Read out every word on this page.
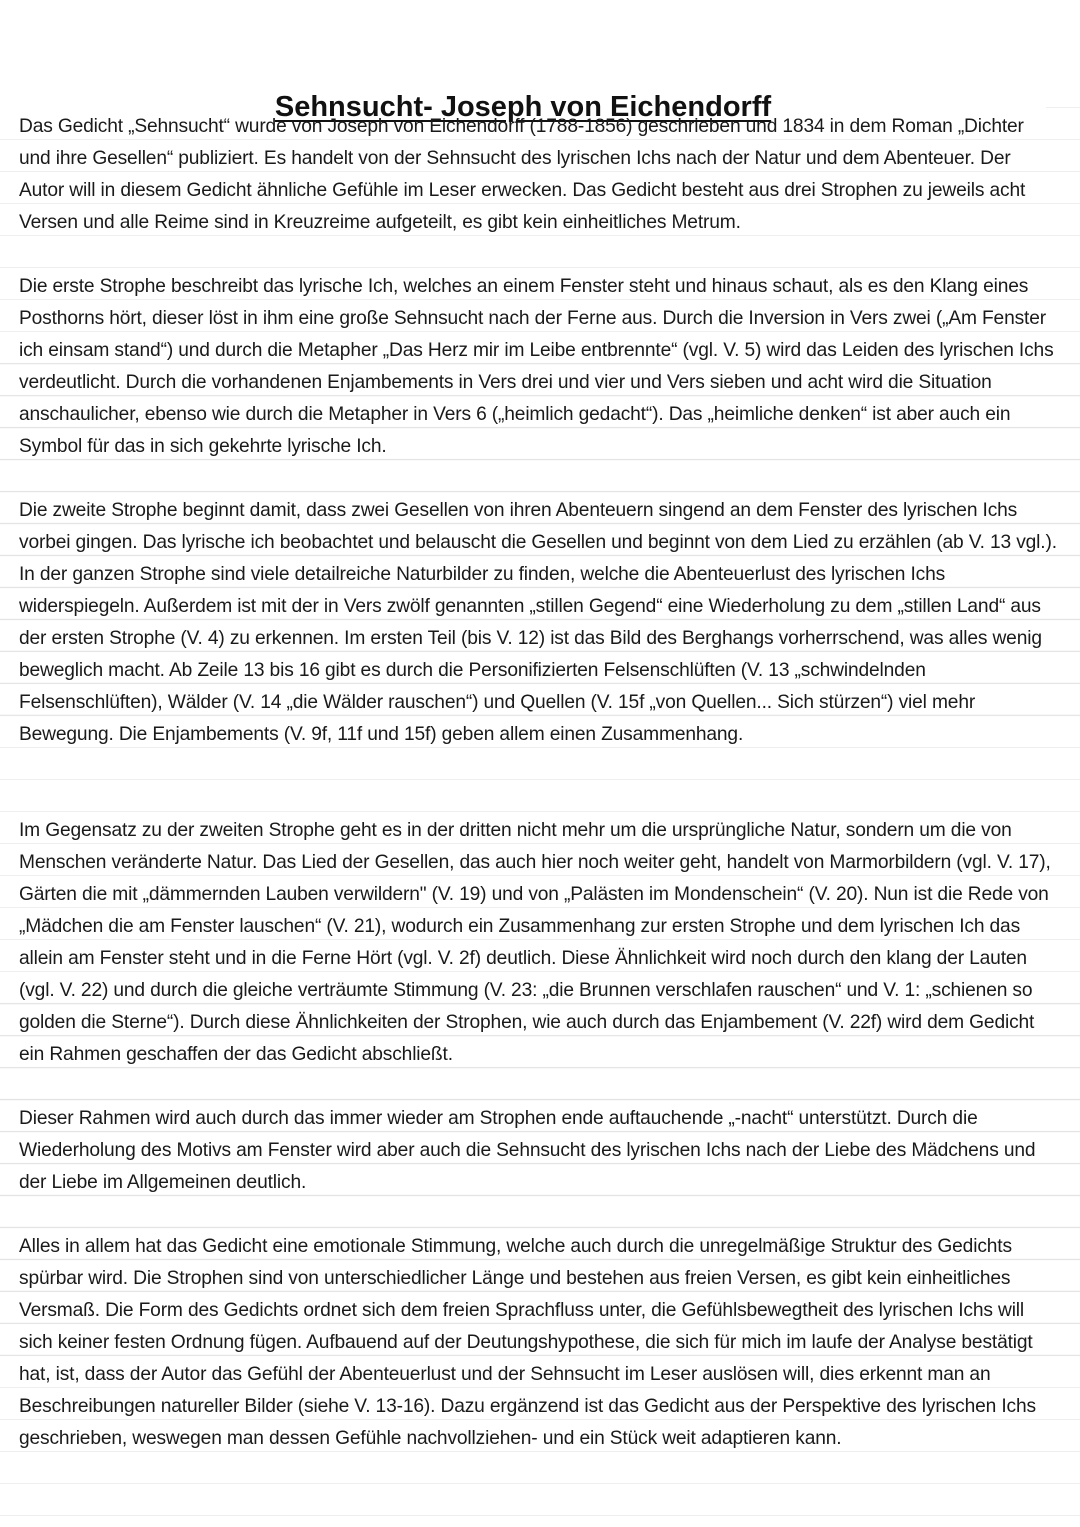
Sehnsucht- Joseph von Eichendorff

Das Gedicht „Sehnsucht“ wurde von Joseph von Eichendorff (1788-1856) geschrieben und 1834 in dem Roman „Dichter und ihre Gesellen“ publiziert. Es handelt von der Sehnsucht des lyrischen Ichs nach der Natur und dem Abenteuer. Der Autor will in diesem Gedicht ähnliche Gefühle im Leser erwecken. Das Gedicht besteht aus drei Strophen zu jeweils acht Versen und alle Reime sind in Kreuzreime aufgeteilt, es gibt kein einheitliches Metrum.

Die erste Strophe beschreibt das lyrische Ich, welches an einem Fenster steht und hinaus schaut, als es den Klang eines Posthorns hört, dieser löst in ihm eine große Sehnsucht nach der Ferne aus. Durch die Inversion in Vers zwei („Am Fenster ich einsam stand“) und durch die Metapher „Das Herz mir im Leibe entbrennte“ (vgl. V. 5) wird das Leiden des lyrischen Ichs verdeutlicht. Durch die vorhandenen Enjambements in Vers drei und vier und Vers sieben und acht wird die Situation anschaulicher, ebenso wie durch die Metapher in Vers 6 („heimlich gedacht“). Das „heimliche denken“ ist aber auch ein Symbol für das in sich gekehrte lyrische Ich.

Die zweite Strophe beginnt damit, dass zwei Gesellen von ihren Abenteuern singend an dem Fenster des lyrischen Ichs vorbei gingen. Das lyrische ich beobachtet und belauscht die Gesellen und beginnt von dem Lied zu erzählen (ab V. 13 vgl.). In der ganzen Strophe sind viele detailreiche Naturbilder zu finden, welche die Abenteuerlust des lyrischen Ichs widerspiegeln. Außerdem ist mit der in Vers zwölf genannten „stillen Gegend“ eine Wiederholung zu dem „stillen Land“ aus der ersten Strophe (V. 4) zu erkennen. Im ersten Teil (bis V. 12) ist das Bild des Berghangs vorherrschend, was alles wenig beweglich macht. Ab Zeile 13 bis 16 gibt es durch die Personifizierten Felsenschlüften (V. 13 „schwindelnden Felsenschlüften), Wälder (V. 14 „die Wälder rauschen“) und Quellen (V. 15f „von Quellen... Sich stürzen“) viel mehr Bewegung. Die Enjambements (V. 9f, 11f und 15f) geben allem einen Zusammenhang.

Im Gegensatz zu der zweiten Strophe geht es in der dritten nicht mehr um die ursprüngliche Natur, sondern um die von Menschen veränderte Natur. Das Lied der Gesellen, das auch hier noch weiter geht, handelt von Marmorbildern (vgl. V. 17), Gärten die mit „dämmernden Lauben verwildern" (V. 19) und von „Palästen im Mondenschein“ (V. 20). Nun ist die Rede von „Mädchen die am Fenster lauschen“ (V. 21), wodurch ein Zusammenhang zur ersten Strophe und dem lyrischen Ich das allein am Fenster steht und in die Ferne Hört (vgl. V. 2f) deutlich. Diese Ähnlichkeit wird noch durch den klang der Lauten (vgl. V. 22) und durch die gleiche verträumte Stimmung (V. 23: „die Brunnen verschlafen rauschen“ und V. 1: „schienen so golden die Sterne“). Durch diese Ähnlichkeiten der Strophen, wie auch durch das Enjambement (V. 22f) wird dem Gedicht ein Rahmen geschaffen der das Gedicht abschließt.

Dieser Rahmen wird auch durch das immer wieder am Strophen ende auftauchende „-nacht“ unterstützt. Durch die Wiederholung des Motivs am Fenster wird aber auch die Sehnsucht des lyrischen Ichs nach der Liebe des Mädchens und der Liebe im Allgemeinen deutlich.

Alles in allem hat das Gedicht eine emotionale Stimmung, welche auch durch die unregelmäßige Struktur des Gedichts spürbar wird. Die Strophen sind von unterschiedlicher Länge und bestehen aus freien Versen, es gibt kein einheitliches Versmaß. Die Form des Gedichts ordnet sich dem freien Sprachfluss unter, die Gefühlsbewegtheit des lyrischen Ichs will sich keiner festen Ordnung fügen. Aufbauend auf der Deutungshypothese, die sich für mich im laufe der Analyse bestätigt hat, ist, dass der Autor das Gefühl der Abenteuerlust und der Sehnsucht im Leser auslösen will, dies erkennt man an Beschreibungen natureller Bilder (siehe V. 13-16). Dazu ergänzend ist das Gedicht aus der Perspektive des lyrischen Ichs geschrieben, weswegen man dessen Gefühle nachvollziehen- und ein Stück weit adaptieren kann.
